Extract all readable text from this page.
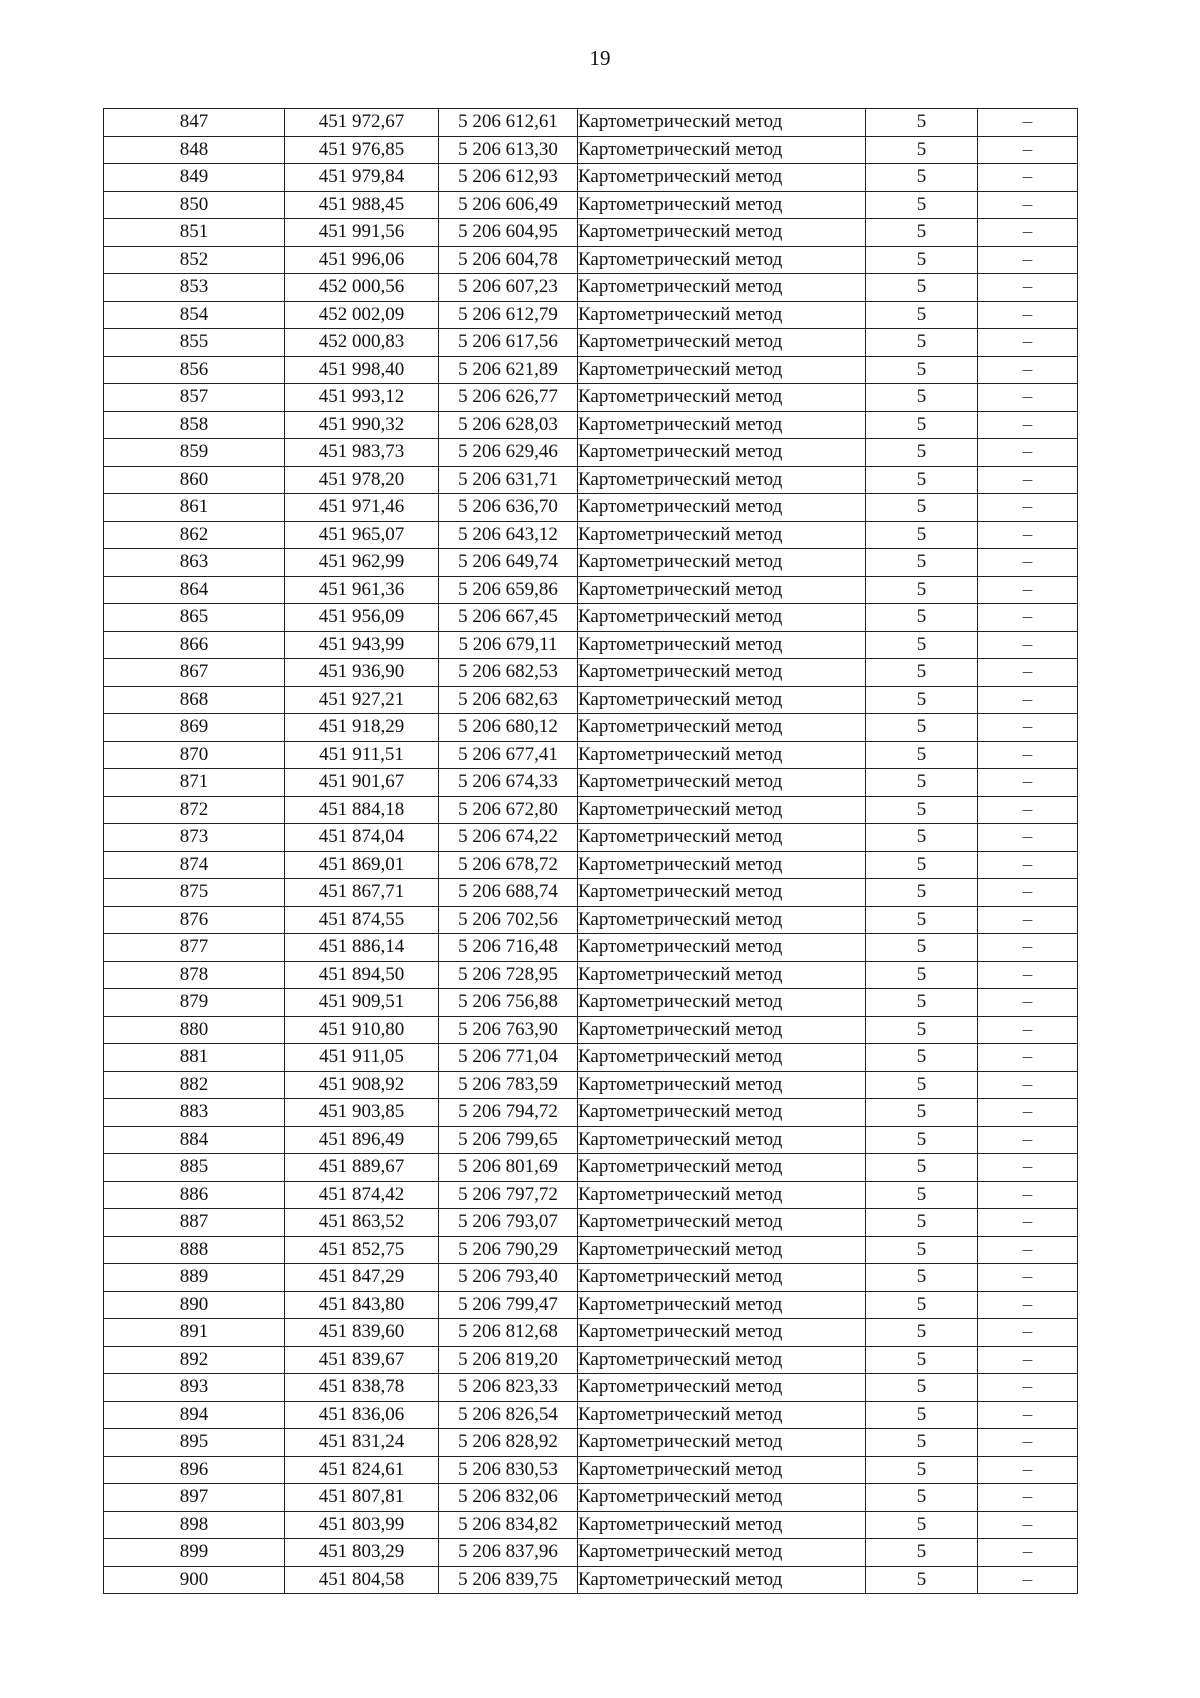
19
847	451 972,67	5 206 612,61	Картометрический метод	5	–
848	451 976,85	5 206 613,30	Картометрический метод	5	–
849	451 979,84	5 206 612,93	Картометрический метод	5	–
850	451 988,45	5 206 606,49	Картометрический метод	5	–
851	451 991,56	5 206 604,95	Картометрический метод	5	–
852	451 996,06	5 206 604,78	Картометрический метод	5	–
853	452 000,56	5 206 607,23	Картометрический метод	5	–
854	452 002,09	5 206 612,79	Картометрический метод	5	–
855	452 000,83	5 206 617,56	Картометрический метод	5	–
856	451 998,40	5 206 621,89	Картометрический метод	5	–
857	451 993,12	5 206 626,77	Картометрический метод	5	–
858	451 990,32	5 206 628,03	Картометрический метод	5	–
859	451 983,73	5 206 629,46	Картометрический метод	5	–
860	451 978,20	5 206 631,71	Картометрический метод	5	–
861	451 971,46	5 206 636,70	Картометрический метод	5	–
862	451 965,07	5 206 643,12	Картометрический метод	5	–
863	451 962,99	5 206 649,74	Картометрический метод	5	–
864	451 961,36	5 206 659,86	Картометрический метод	5	–
865	451 956,09	5 206 667,45	Картометрический метод	5	–
866	451 943,99	5 206 679,11	Картометрический метод	5	–
867	451 936,90	5 206 682,53	Картометрический метод	5	–
868	451 927,21	5 206 682,63	Картометрический метод	5	–
869	451 918,29	5 206 680,12	Картометрический метод	5	–
870	451 911,51	5 206 677,41	Картометрический метод	5	–
871	451 901,67	5 206 674,33	Картометрический метод	5	–
872	451 884,18	5 206 672,80	Картометрический метод	5	–
873	451 874,04	5 206 674,22	Картометрический метод	5	–
874	451 869,01	5 206 678,72	Картометрический метод	5	–
875	451 867,71	5 206 688,74	Картометрический метод	5	–
876	451 874,55	5 206 702,56	Картометрический метод	5	–
877	451 886,14	5 206 716,48	Картометрический метод	5	–
878	451 894,50	5 206 728,95	Картометрический метод	5	–
879	451 909,51	5 206 756,88	Картометрический метод	5	–
880	451 910,80	5 206 763,90	Картометрический метод	5	–
881	451 911,05	5 206 771,04	Картометрический метод	5	–
882	451 908,92	5 206 783,59	Картометрический метод	5	–
883	451 903,85	5 206 794,72	Картометрический метод	5	–
884	451 896,49	5 206 799,65	Картометрический метод	5	–
885	451 889,67	5 206 801,69	Картометрический метод	5	–
886	451 874,42	5 206 797,72	Картометрический метод	5	–
887	451 863,52	5 206 793,07	Картометрический метод	5	–
888	451 852,75	5 206 790,29	Картометрический метод	5	–
889	451 847,29	5 206 793,40	Картометрический метод	5	–
890	451 843,80	5 206 799,47	Картометрический метод	5	–
891	451 839,60	5 206 812,68	Картометрический метод	5	–
892	451 839,67	5 206 819,20	Картометрический метод	5	–
893	451 838,78	5 206 823,33	Картометрический метод	5	–
894	451 836,06	5 206 826,54	Картометрический метод	5	–
895	451 831,24	5 206 828,92	Картометрический метод	5	–
896	451 824,61	5 206 830,53	Картометрический метод	5	–
897	451 807,81	5 206 832,06	Картометрический метод	5	–
898	451 803,99	5 206 834,82	Картометрический метод	5	–
899	451 803,29	5 206 837,96	Картометрический метод	5	–
900	451 804,58	5 206 839,75	Картометрический метод	5	–
